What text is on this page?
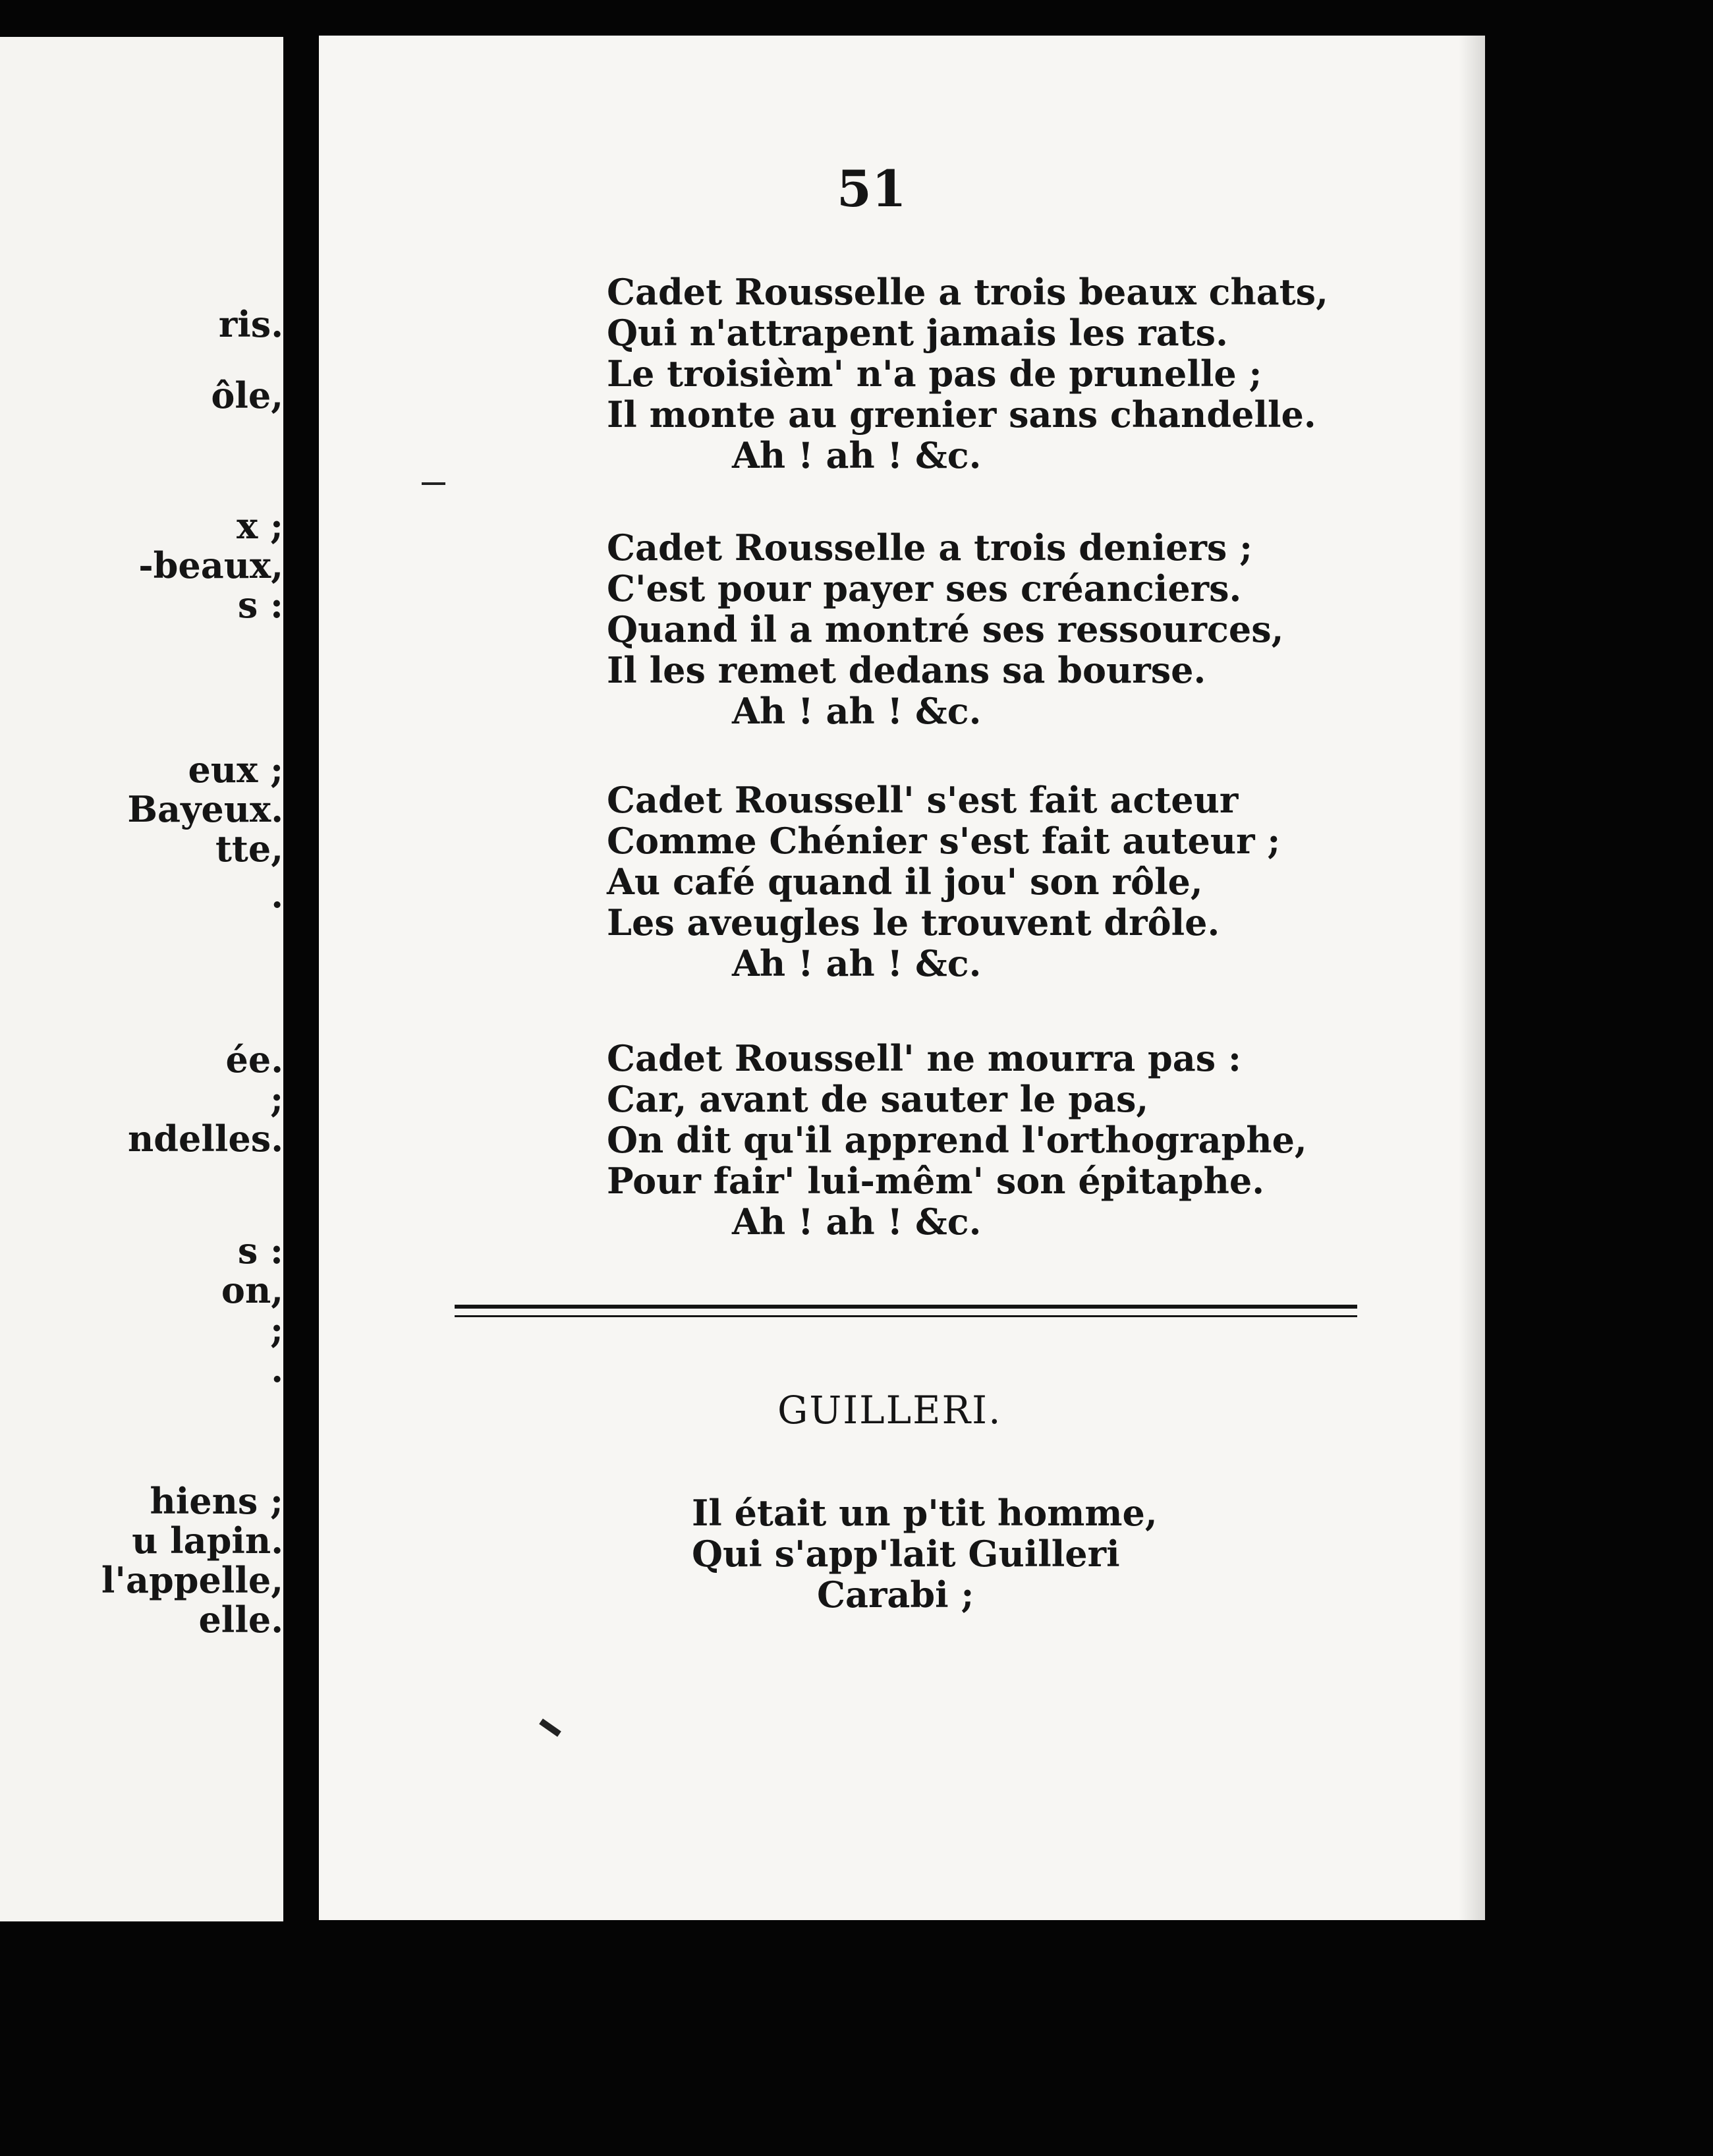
ris.
ôle,
x ;
-beaux,
s :
eux ;
Bayeux.
tte,
.
ée.
;
ndelles.
s :
on,
;
.
hiens ;
u lapin.
l'appelle,
elle.
51
Cadet Rousselle a trois beaux chats,
Qui n'attrapent jamais les rats.
Le troisièm' n'a pas de prunelle ;
Il monte au grenier sans chandelle.
Ah ! ah ! &c.
Cadet Rousselle a trois deniers ;
C'est pour payer ses créanciers.
Quand il a montré ses ressources,
Il les remet dedans sa bourse.
Ah ! ah ! &c.
Cadet Roussell' s'est fait acteur
Comme Chénier s'est fait auteur ;
Au café quand il jou' son rôle,
Les aveugles le trouvent drôle.
Ah ! ah ! &c.
Cadet Roussell' ne mourra pas :
Car, avant de sauter le pas,
On dit qu'il apprend l'orthographe,
Pour fair' lui-mêm' son épitaphe.
Ah ! ah ! &c.
GUILLERI.
Il était un p'tit homme,
Qui s'app'lait Guilleri
Carabi ;
